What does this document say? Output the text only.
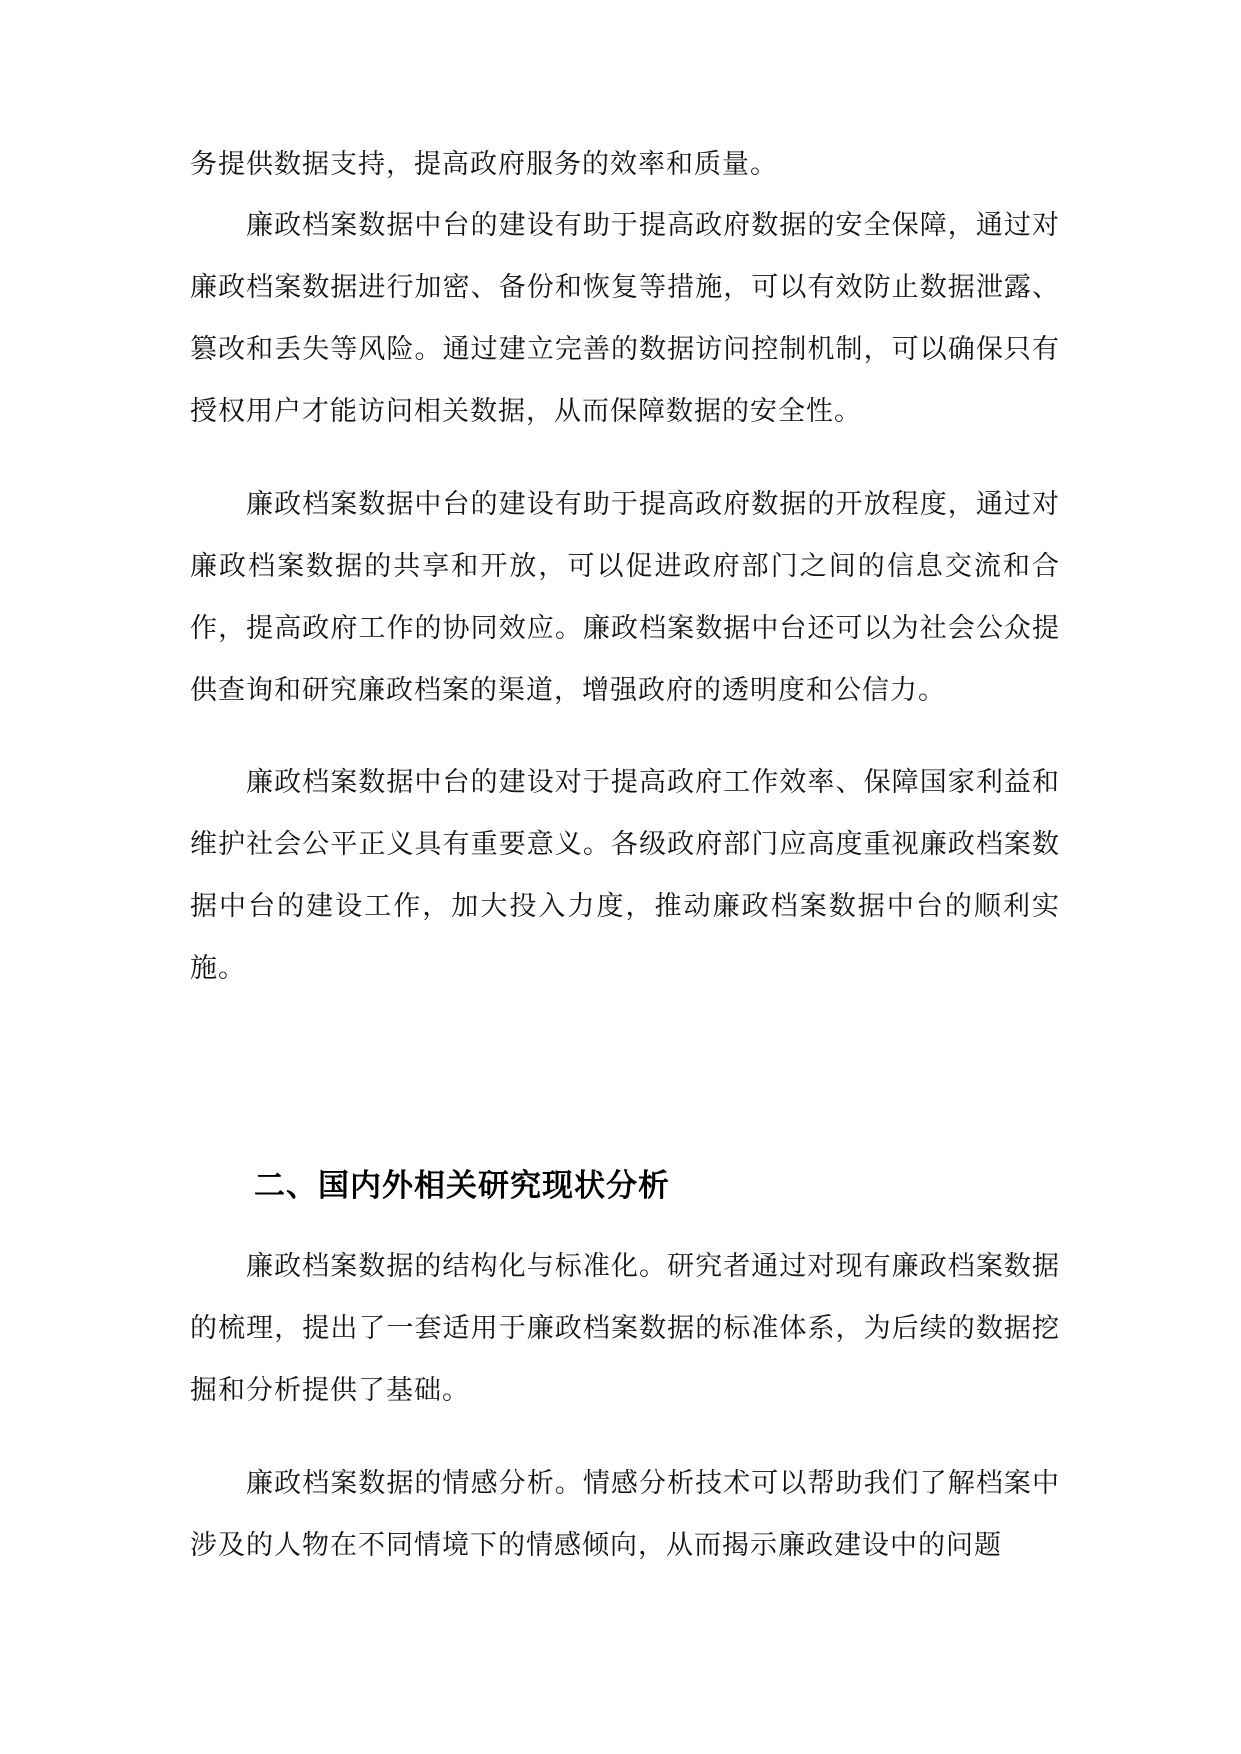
务提供数据支持，提高政府服务的效率和质量。
廉政档案数据中台的建设有助于提高政府数据的安全保障，通过对廉政档案数据进行加密、备份和恢复等措施，可以有效防止数据泄露、篡改和丢失等风险。通过建立完善的数据访问控制机制，可以确保只有授权用户才能访问相关数据，从而保障数据的安全性。
廉政档案数据中台的建设有助于提高政府数据的开放程度，通过对廉政档案数据的共享和开放，可以促进政府部门之间的信息交流和合作，提高政府工作的协同效应。廉政档案数据中台还可以为社会公众提供查询和研究廉政档案的渠道，增强政府的透明度和公信力。
廉政档案数据中台的建设对于提高政府工作效率、保障国家利益和维护社会公平正义具有重要意义。各级政府部门应高度重视廉政档案数据中台的建设工作，加大投入力度，推动廉政档案数据中台的顺利实施。
二、国内外相关研究现状分析
廉政档案数据的结构化与标准化。研究者通过对现有廉政档案数据的梳理，提出了一套适用于廉政档案数据的标准体系，为后续的数据挖掘和分析提供了基础。
廉政档案数据的情感分析。情感分析技术可以帮助我们了解档案中涉及的人物在不同情境下的情感倾向，从而揭示廉政建设中的问题
